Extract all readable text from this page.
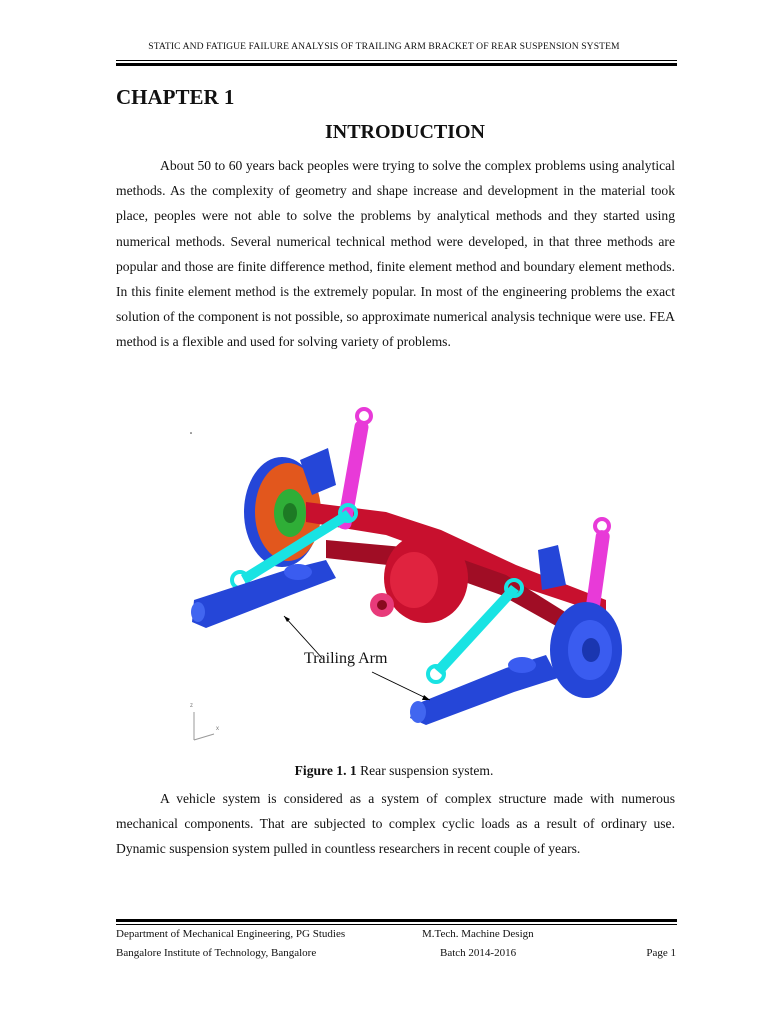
STATIC AND FATIGUE FAILURE ANALYSIS OF TRAILING ARM BRACKET OF REAR SUSPENSION SYSTEM
CHAPTER 1
INTRODUCTION

About 50 to 60 years back peoples were trying to solve the complex problems using analytical methods. As the complexity of geometry and shape increase and development in the material took place, peoples were not able to solve the problems by analytical methods and they started using numerical methods. Several numerical technical method were developed, in that three methods are popular and those are finite difference method, finite element method and boundary element methods. In this finite element method is the extremely popular. In most of the engineering problems the exact solution of the component is not possible, so approximate numerical analysis technique were use. FEA method is a flexible and used for solving variety of problems.

Trailing Arm
z
x
Figure 1. 1 Rear suspension system.

A vehicle system is considered as a system of complex structure made with numerous mechanical components. That are subjected to complex cyclic loads as a result of ordinary use. Dynamic suspension system pulled in countless researchers in recent couple of years.

Department of Mechanical Engineering, PG Studies
Bangalore Institute of Technology, Bangalore
M.Tech. Machine Design
Batch 2014-2016	Page 1
